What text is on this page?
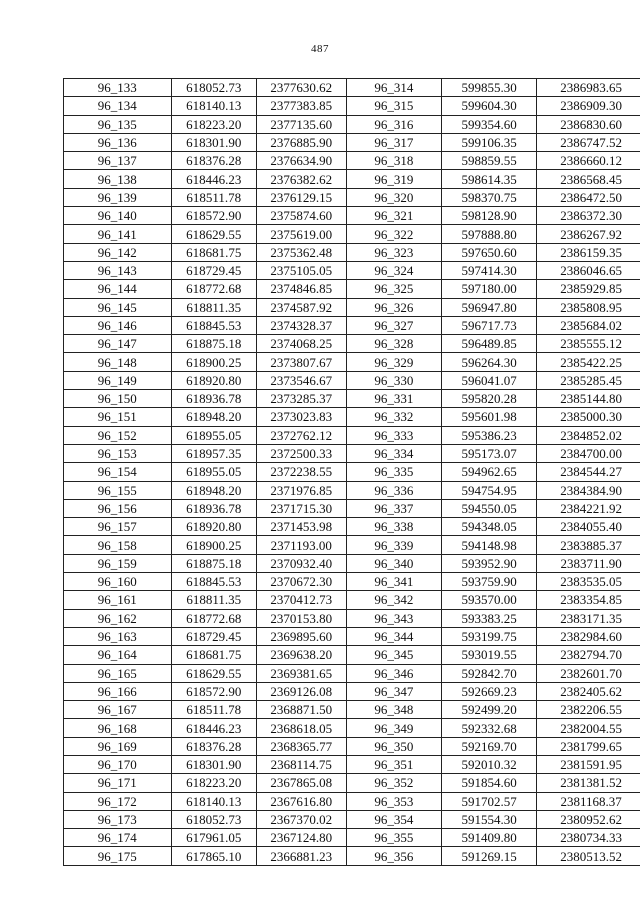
487
96_133	618052.73	2377630.62	96_314	599855.30	2386983.65
96_134	618140.13	2377383.85	96_315	599604.30	2386909.30
96_135	618223.20	2377135.60	96_316	599354.60	2386830.60
96_136	618301.90	2376885.90	96_317	599106.35	2386747.52
96_137	618376.28	2376634.90	96_318	598859.55	2386660.12
96_138	618446.23	2376382.62	96_319	598614.35	2386568.45
96_139	618511.78	2376129.15	96_320	598370.75	2386472.50
96_140	618572.90	2375874.60	96_321	598128.90	2386372.30
96_141	618629.55	2375619.00	96_322	597888.80	2386267.92
96_142	618681.75	2375362.48	96_323	597650.60	2386159.35
96_143	618729.45	2375105.05	96_324	597414.30	2386046.65
96_144	618772.68	2374846.85	96_325	597180.00	2385929.85
96_145	618811.35	2374587.92	96_326	596947.80	2385808.95
96_146	618845.53	2374328.37	96_327	596717.73	2385684.02
96_147	618875.18	2374068.25	96_328	596489.85	2385555.12
96_148	618900.25	2373807.67	96_329	596264.30	2385422.25
96_149	618920.80	2373546.67	96_330	596041.07	2385285.45
96_150	618936.78	2373285.37	96_331	595820.28	2385144.80
96_151	618948.20	2373023.83	96_332	595601.98	2385000.30
96_152	618955.05	2372762.12	96_333	595386.23	2384852.02
96_153	618957.35	2372500.33	96_334	595173.07	2384700.00
96_154	618955.05	2372238.55	96_335	594962.65	2384544.27
96_155	618948.20	2371976.85	96_336	594754.95	2384384.90
96_156	618936.78	2371715.30	96_337	594550.05	2384221.92
96_157	618920.80	2371453.98	96_338	594348.05	2384055.40
96_158	618900.25	2371193.00	96_339	594148.98	2383885.37
96_159	618875.18	2370932.40	96_340	593952.90	2383711.90
96_160	618845.53	2370672.30	96_341	593759.90	2383535.05
96_161	618811.35	2370412.73	96_342	593570.00	2383354.85
96_162	618772.68	2370153.80	96_343	593383.25	2383171.35
96_163	618729.45	2369895.60	96_344	593199.75	2382984.60
96_164	618681.75	2369638.20	96_345	593019.55	2382794.70
96_165	618629.55	2369381.65	96_346	592842.70	2382601.70
96_166	618572.90	2369126.08	96_347	592669.23	2382405.62
96_167	618511.78	2368871.50	96_348	592499.20	2382206.55
96_168	618446.23	2368618.05	96_349	592332.68	2382004.55
96_169	618376.28	2368365.77	96_350	592169.70	2381799.65
96_170	618301.90	2368114.75	96_351	592010.32	2381591.95
96_171	618223.20	2367865.08	96_352	591854.60	2381381.52
96_172	618140.13	2367616.80	96_353	591702.57	2381168.37
96_173	618052.73	2367370.02	96_354	591554.30	2380952.62
96_174	617961.05	2367124.80	96_355	591409.80	2380734.33
96_175	617865.10	2366881.23	96_356	591269.15	2380513.52
